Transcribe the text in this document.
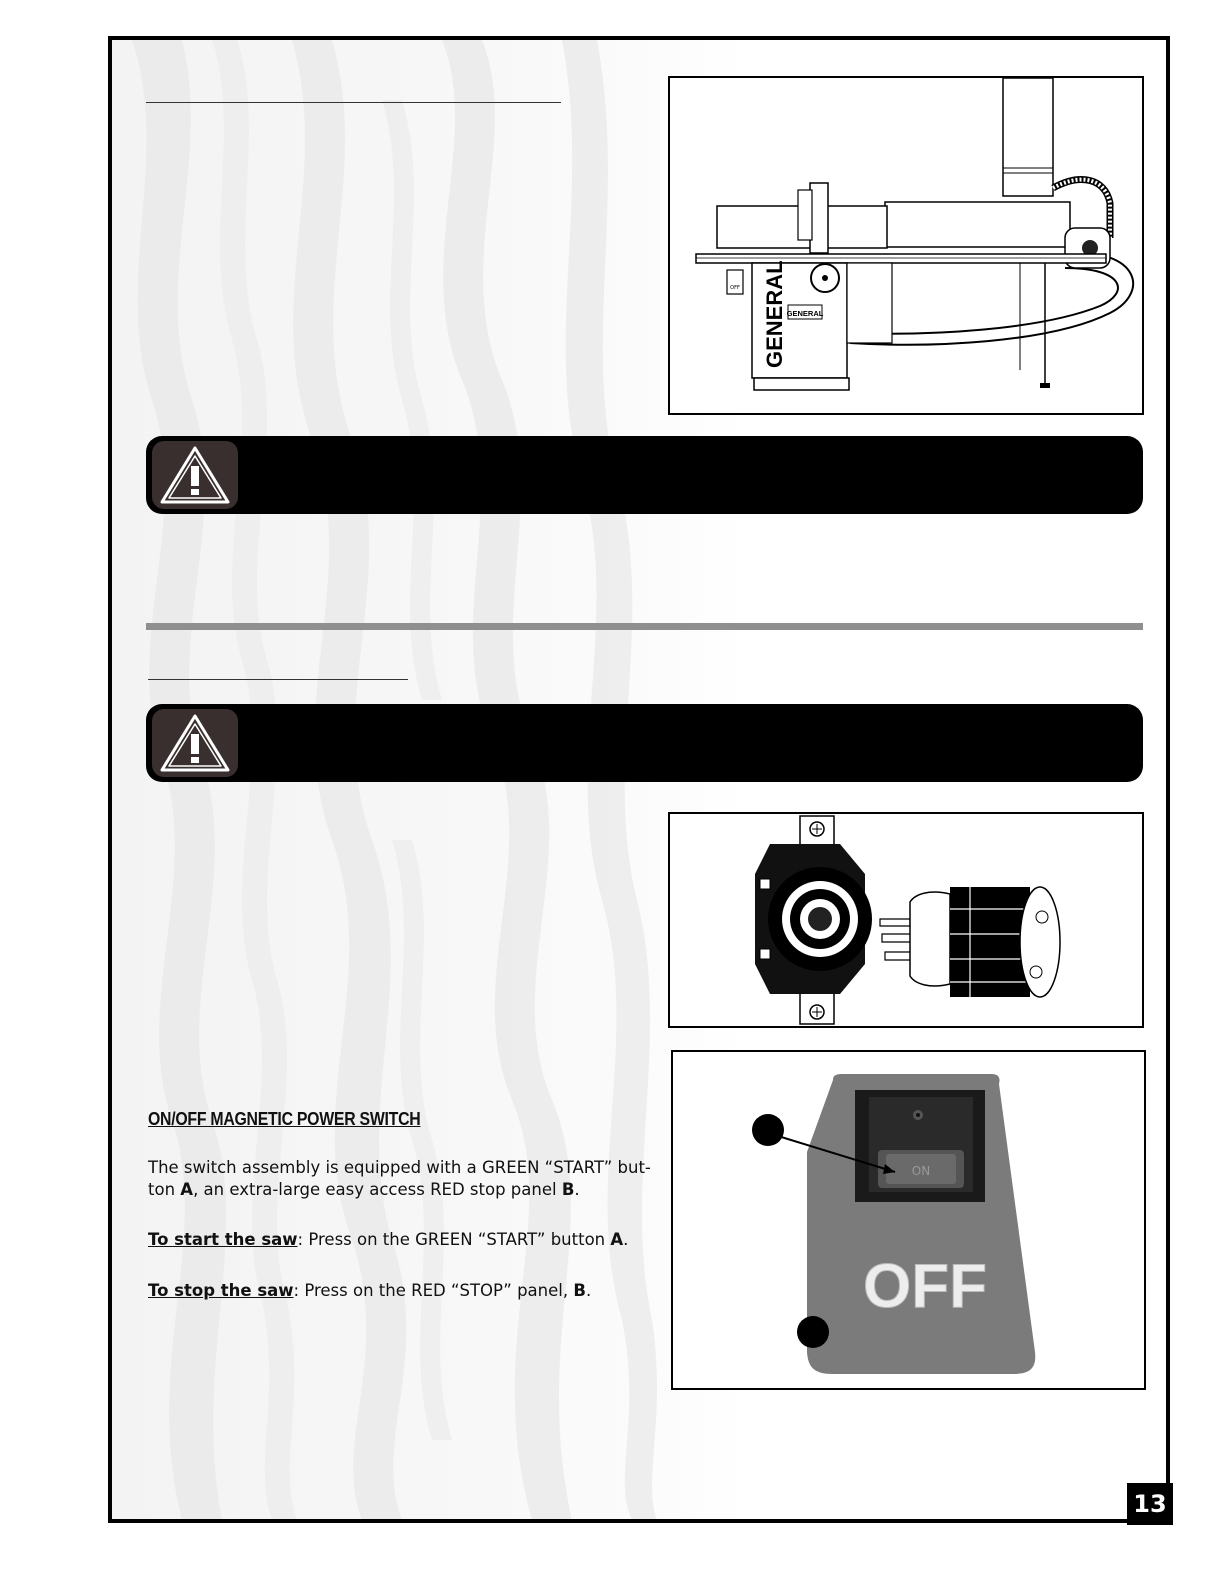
GENERAL GENERAL
OFF
ON
OFF
ON/OFF MAGNETIC POWER SWITCH
The switch assembly is equipped with a GREEN “START” but-ton A, an extra-large easy access RED stop panel B.
To start the saw: Press on the GREEN “START” button A.
To stop the saw: Press on the RED “STOP” panel, B.
13
